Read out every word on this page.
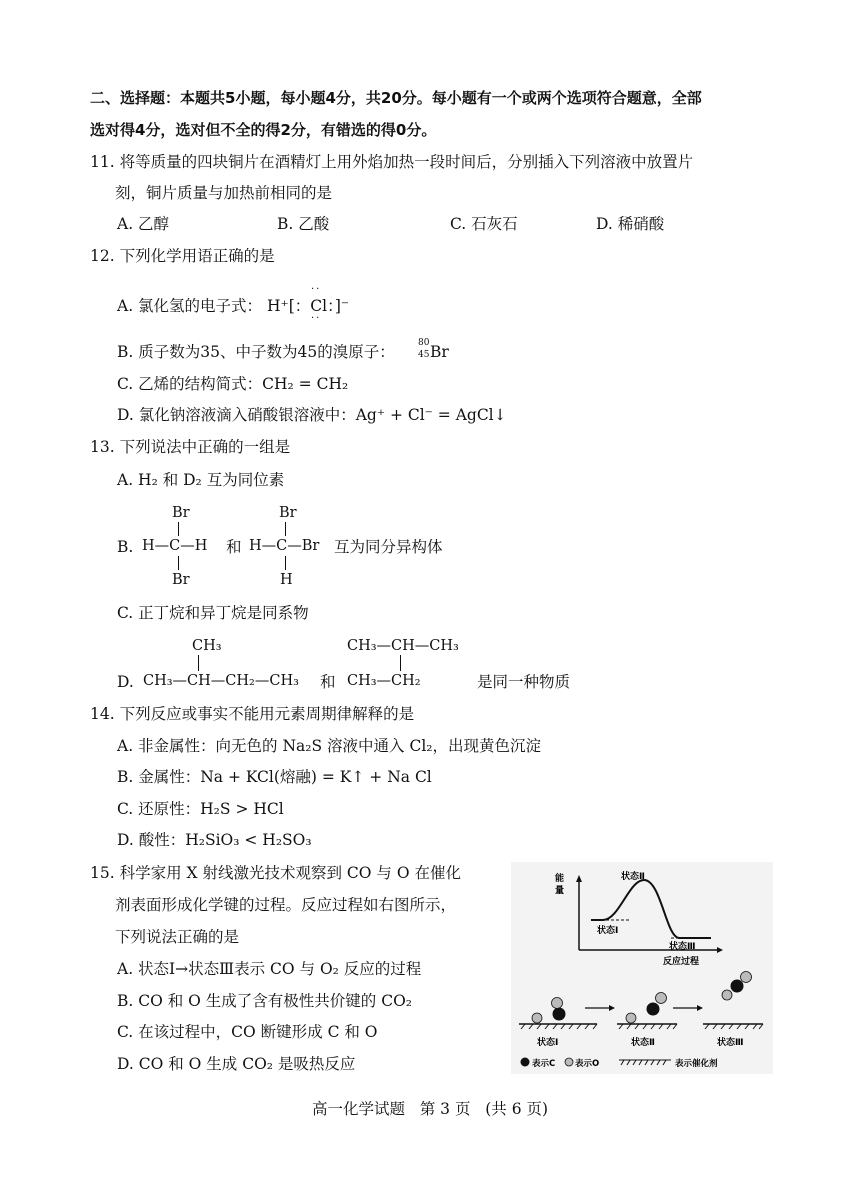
二、选择题：本题共5小题，每小题4分，共20分。每小题有一个或两个选项符合题意，全部
选对得4分，选对但不全的得2分，有错选的得0分。
11. 将等质量的四块铜片在酒精灯上用外焰加热一段时间后，分别插入下列溶液中放置片
刻，铜片质量与加热前相同的是
A. 乙醇	B. 乙酸	C. 石灰石	D. 稀硝酸
12. 下列化学用语正确的是
A. 氯化氢的电子式： H⁺[：Cl：]⁻
··
··
B. 质子数为35、中子数为45的溴原子：	80
45 Br
C. 乙烯的结构简式：CH₂ = CH₂
D. 氯化钠溶液滴入硝酸银溶液中：Ag⁺ + Cl⁻ = AgCl↓
13. 下列说法中正确的一组是
A. H₂ 和 D₂ 互为同位素
B.
Br
H—C—H
Br
和
Br
H—C—Br
H
互为同分异构体
C. 正丁烷和异丁烷是同系物
D.
CH₃
CH₃—CH—CH₂—CH₃ 和
CH₃—CH—CH₃
CH₃—CH₂	是同一种物质
14. 下列反应或事实不能用元素周期律解释的是
A. 非金属性：向无色的 Na₂S 溶液中通入 Cl₂，出现黄色沉淀
B. 金属性：Na + KCl(熔融) = K↑ + Na Cl
C. 还原性：H₂S > HCl
D. 酸性：H₂SiO₃ < H₂SO₃
15. 科学家用 X 射线激光技术观察到 CO 与 O 在催化
剂表面形成化学键的过程。反应过程如右图所示，
下列说法正确的是
A. 状态Ⅰ→状态Ⅲ表示 CO 与 O₂ 反应的过程
B. CO 和 O 生成了含有极性共价键的 CO₂
C. 在该过程中，CO 断键形成 C 和 O
D. CO 和 O 生成 CO₂ 是吸热反应
能
量
反应过程
状态Ⅱ
状态Ⅰ
状态Ⅲ
状态Ⅰ	状态Ⅱ	状态Ⅲ
表示C 表示O	表示催化剂
高一化学试题   第 3 页   (共 6 页)
